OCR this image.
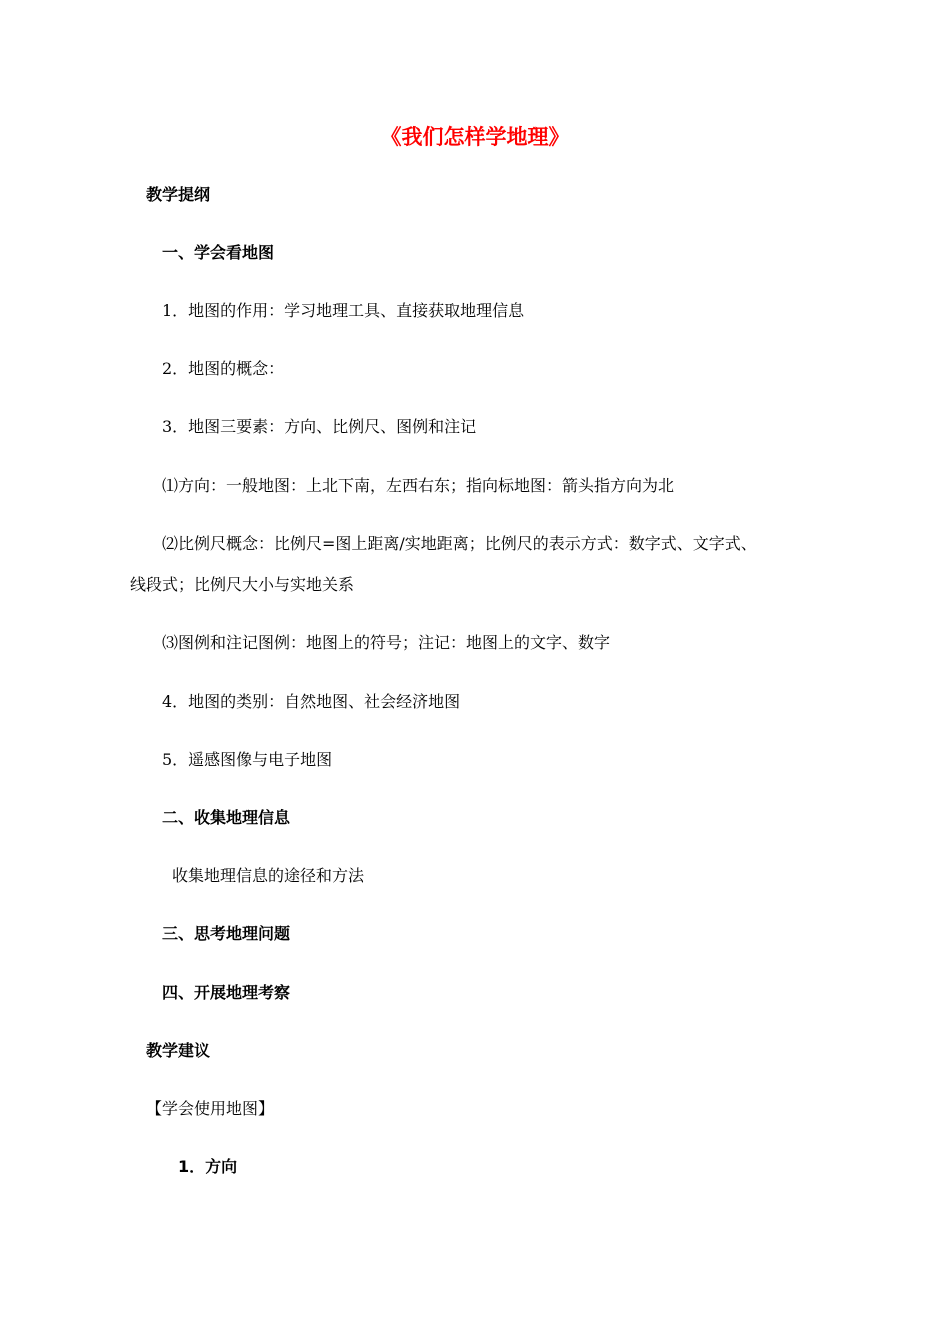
《我们怎样学地理》
教学提纲
一、学会看地图
1．地图的作用：学习地理工具、直接获取地理信息
2．地图的概念：
3．地图三要素：方向、比例尺、图例和注记
⑴方向：一般地图：上北下南，左西右东；指向标地图：箭头指方向为北
⑵比例尺概念：比例尺=图上距离/实地距离；比例尺的表示方式：数字式、文字式、
线段式；比例尺大小与实地关系
⑶图例和注记图例：地图上的符号；注记：地图上的文字、数字
4．地图的类别：自然地图、社会经济地图
5．遥感图像与电子地图
二、收集地理信息
收集地理信息的途径和方法
三、思考地理问题
四、开展地理考察
教学建议
【学会使用地图】
1．方向
